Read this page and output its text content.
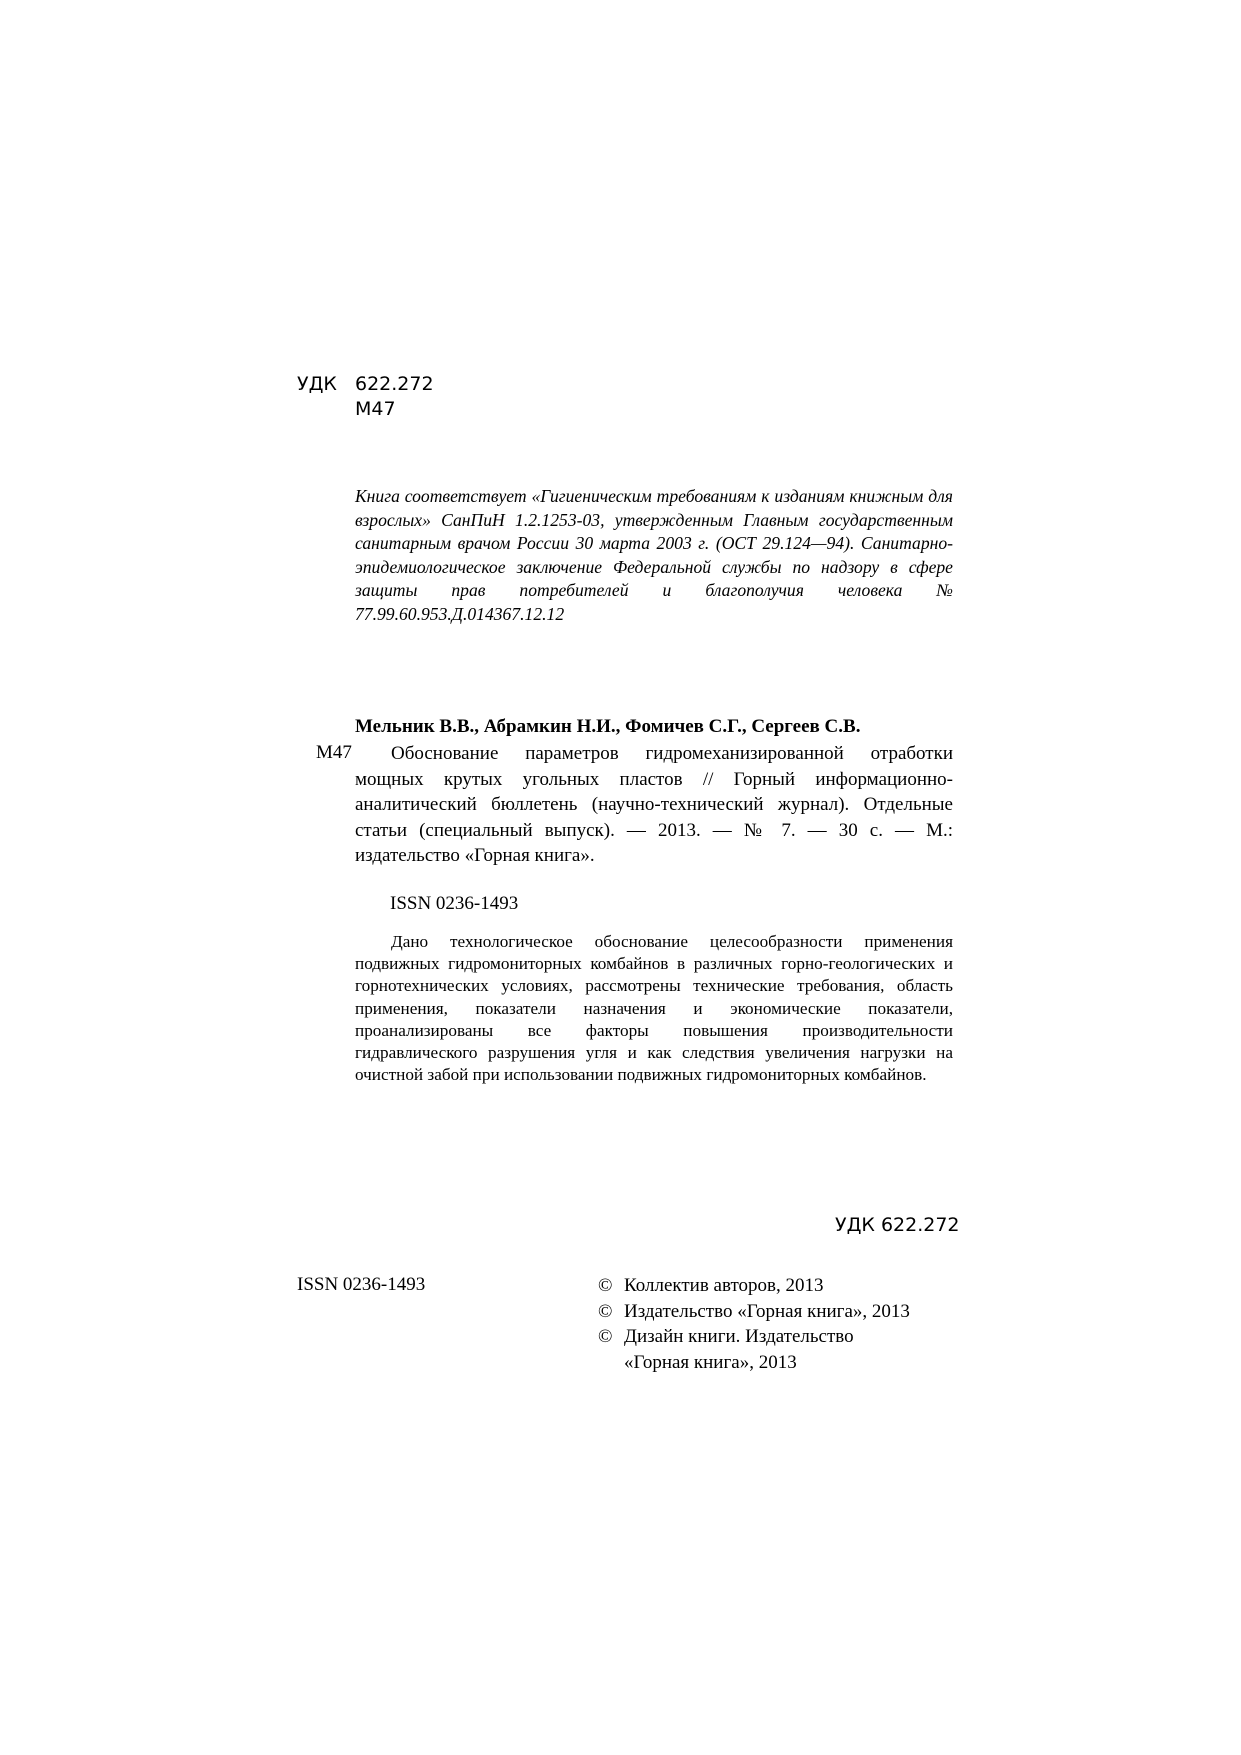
УДК 622.272
М47
Книга соответствует «Гигиеническим требованиям к изданиям книжным для взрослых» СанПиН 1.2.1253-03, утвержденным Главным государственным санитарным врачом России 30 марта 2003 г. (ОСТ 29.124—94). Санитарно-эпидемиологическое заключение Федеральной службы по надзору в сфере защиты прав потребителей и благополучия человека № 77.99.60.953.Д.014367.12.12
Мельник В.В., Абрамкин Н.И., Фомичев С.Г., Сергеев С.В.
М47	Обоснование параметров гидромеханизированной отработки мощных крутых угольных пластов // Горный информационно-аналитический бюллетень (научно-технический журнал). Отдельные статьи (специальный выпуск). — 2013. — № 7. — 30 с. — М.: издательство «Горная книга».
ISSN 0236-1493
Дано технологическое обоснование целесообразности применения подвижных гидромониторных комбайнов в различных горно-геологических и горнотехнических условиях, рассмотрены технические требования, область применения, показатели назначения и экономические показатели, проанализированы все факторы повышения производительности гидравлического разрушения угля и как следствия увеличения нагрузки на очистной забой при использовании подвижных гидромониторных комбайнов.
УДК 622.272
ISSN 0236-1493	© Коллектив авторов, 2013
© Издательство «Горная книга», 2013
© Дизайн книги. Издательство
«Горная книга», 2013
